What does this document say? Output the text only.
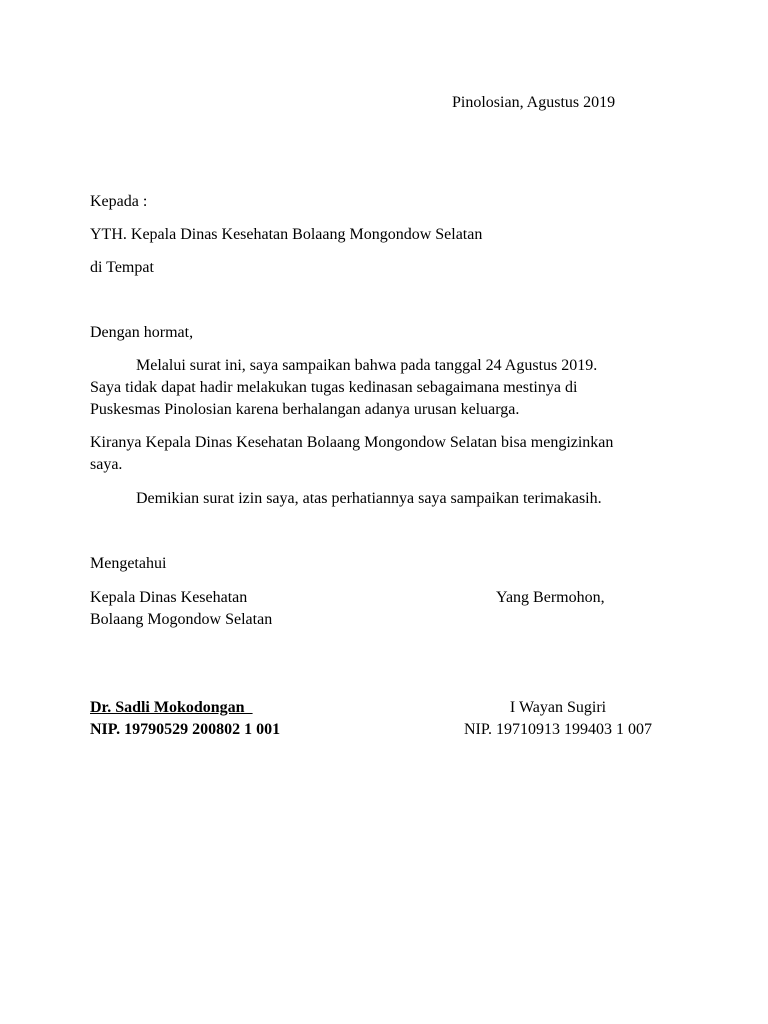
Pinolosian, Agustus 2019
Kepada :
YTH. Kepala Dinas Kesehatan Bolaang Mongondow Selatan
di Tempat
Dengan hormat,
Melalui surat ini, saya sampaikan bahwa pada tanggal 24 Agustus 2019.
Saya tidak dapat hadir melakukan tugas kedinasan sebagaimana mestinya di
Puskesmas Pinolosian karena berhalangan adanya urusan keluarga.
Kiranya Kepala Dinas Kesehatan Bolaang Mongondow Selatan bisa mengizinkan
saya.
Demikian surat izin saya, atas perhatiannya saya sampaikan terimakasih.
Mengetahui
Kepala Dinas Kesehatan
Bolaang Mogondow Selatan
Yang Bermohon,
Dr. Sadli Mokodongan
NIP. 19790529 200802 1 001
I Wayan Sugiri
NIP. 19710913 199403 1 007
